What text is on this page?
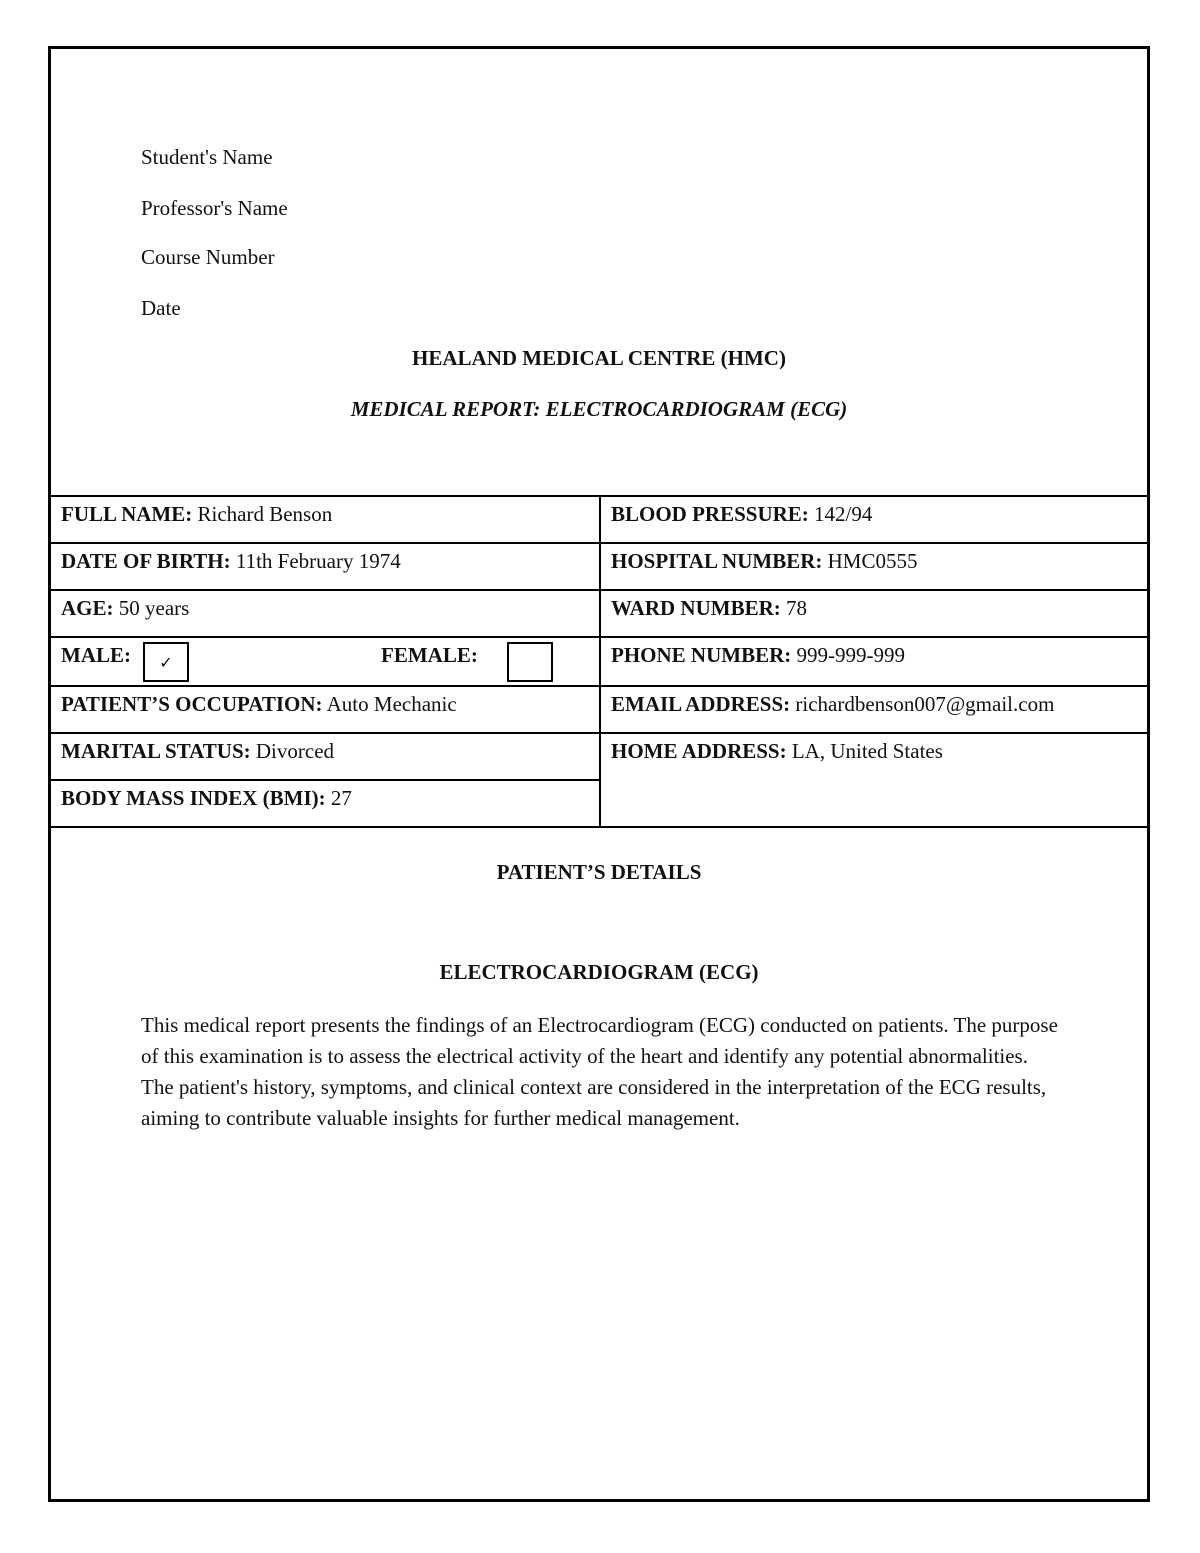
Student's Name
Professor's Name
Course Number
Date
HEALAND MEDICAL CENTRE (HMC)
MEDICAL REPORT: ELECTROCARDIOGRAM (ECG)
FULL NAME: Richard Benson	BLOOD PRESSURE: 142/94
DATE OF BIRTH: 11th February 1974	HOSPITAL NUMBER: HMC0555
AGE: 50 years	WARD NUMBER: 78

MALE: ✓ FEMALE:	PHONE NUMBER: 999-999-999
PATIENT’S OCCUPATION: Auto Mechanic	EMAIL ADDRESS: richardbenson007@gmail.com
MARITAL STATUS: Divorced	HOME ADDRESS: LA, United States
BODY MASS INDEX (BMI): 27	
PATIENT’S DETAILS
ELECTROCARDIOGRAM (ECG)
This medical report presents the findings of an Electrocardiogram (ECG) conducted on patients. The purpose of this examination is to assess the electrical activity of the heart and identify any potential abnormalities. The patient's history, symptoms, and clinical context are considered in the interpretation of the ECG results, aiming to contribute valuable insights for further medical management.
